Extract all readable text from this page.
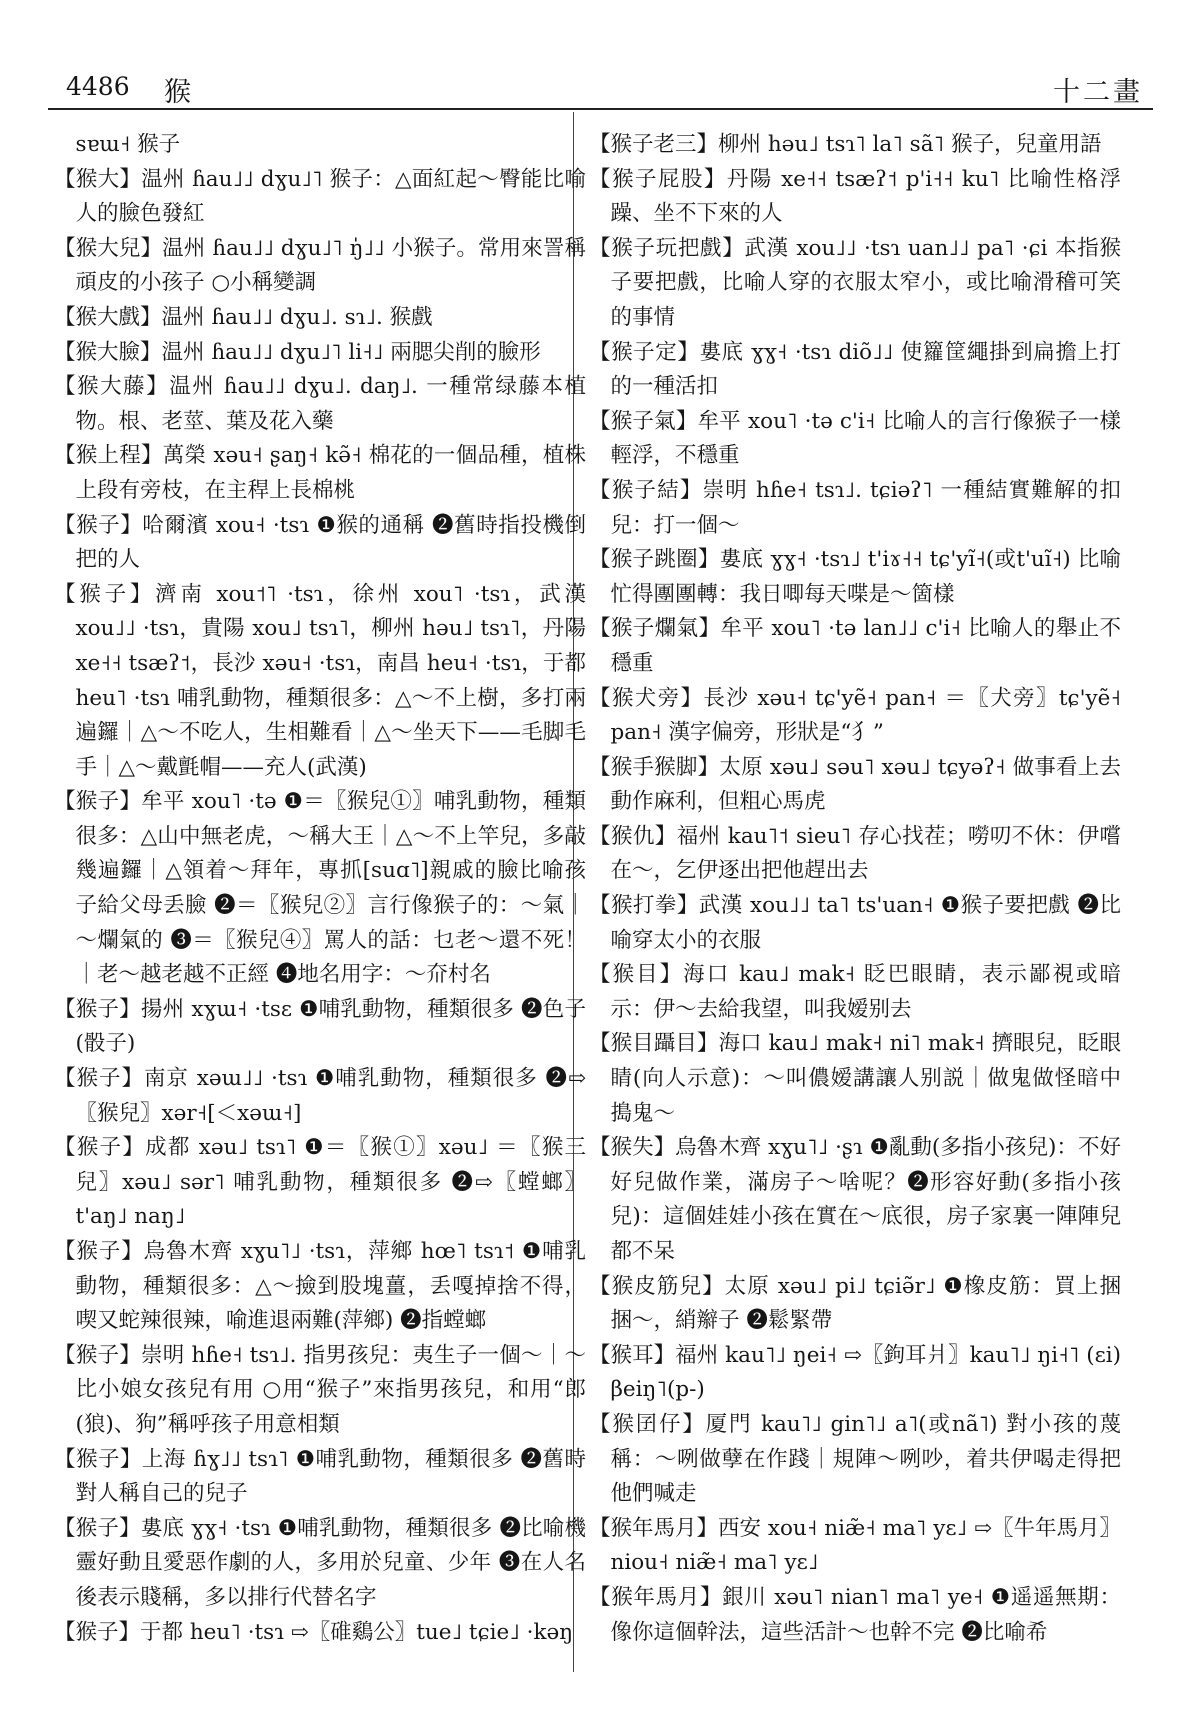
4486 猴	十二畫

sɐɯ˧ 猴子

【猴大】温州 ɦau˩˩ dɣu˩˥ 猴子：△面紅起～臀能比喻人的臉色發紅

【猴大兒】温州 ɦau˩˩ dɣu˩˥ ŋ̍˩˩ 小猴子。常用來詈稱頑皮的小孩子 ○小稱變調

【猴大戲】温州 ɦau˩˩ dɣu˩. sɿ˩. 猴戲

【猴大臉】温州 ɦau˩˩ dɣu˩˥ li˧˩ 兩腮尖削的臉形

【猴大藤】温州 ɦau˩˩ dɣu˩. daŋ˩. 一種常绿藤本植物。根、老莖、葉及花入藥

【猴上程】萬榮 xəu˧ ʂaŋ˧ kə̃˧ 棉花的一個品種，植株上段有旁枝，在主稈上長棉桃

【猴子】哈爾濱 xou˧ ·tsɿ ❶猴的通稱 ❷舊時指投機倒把的人

【猴子】濟南 xou˦˥ ·tsɿ，徐州 xou˥ ·tsɿ，武漢 xou˩˩ ·tsɿ，貴陽 xou˩ tsɿ˥，柳州 həu˩ tsɿ˥，丹陽 xe˧˧ tsæʔ˦，長沙 xəu˧ ·tsɿ，南昌 heu˧ ·tsɿ，于都 heu˥ ·tsɿ 哺乳動物，種類很多：△～不上樹，多打兩遍鑼｜△～不吃人，生相難看｜△～坐天下——毛脚毛手｜△～戴氈帽——充人(武漢)

【猴子】牟平 xou˥ ·tə ❶＝〖猴兒①〗哺乳動物，種類很多：△山中無老虎，～稱大王｜△～不上竿兒，多敲幾遍鑼｜△領着～拜年，專抓[suɑ˥]親戚的臉比喻孩子給父母丢臉 ❷＝〖猴兒②〗言行像猴子的：～氣｜～爛氣的 ❸＝〖猴兒④〗罵人的話：乜老～還不死！｜老～越老越不正經 ❹地名用字：～夼村名

【猴子】揚州 xɣɯ˧ ·tsɛ ❶哺乳動物，種類很多 ❷色子(骰子)

【猴子】南京 xəɯ˩˩ ·tsɿ ❶哺乳動物，種類很多 ❷⇨〖猴兒〗xər˧[＜xəɯ˧]

【猴子】成都 xəu˩ tsɿ˥ ❶＝〖猴①〗xəu˩ ＝〖猴三兒〗xəu˩ sər˥ 哺乳動物，種類很多 ❷⇨〖螳螂〗t'aŋ˩ naŋ˩

【猴子】烏魯木齊 xɣu˥˩ ·tsɿ，萍鄉 hœ˥ tsɿ˦ ❶哺乳動物，種類很多：△～撿到股塊薑，丢嘎掉捨不得，喫又蛇辣很辣，喻進退兩難(萍鄉) ❷指螳螂

【猴子】崇明 hɦe˧ tsɿ˩. 指男孩兒：夷生子一個～｜～比小娘女孩兒有用 ○用“猴子”來指男孩兒，和用“郎(狼)、狗”稱呼孩子用意相類

【猴子】上海 ɦɣ˩˩ tsɿ˥ ❶哺乳動物，種類很多 ❷舊時對人稱自己的兒子

【猴子】婁底 ɣɣ˧ ·tsɿ ❶哺乳動物，種類很多 ❷比喻機靈好動且愛惡作劇的人，多用於兒童、少年 ❸在人名後表示賤稱，多以排行代替名字

【猴子】于都 heu˥ ·tsɿ ⇨〖碓鷄公〗tue˩ tɕie˩ ·kəŋ

【猴子老三】柳州 həu˩ tsɿ˥ la˥ sã˥ 猴子，兒童用語

【猴子屁股】丹陽 xe˧˧ tsæʔ˦ p'i˧˧ ku˥ 比喻性格浮躁、坐不下來的人

【猴子玩把戲】武漢 xou˩˩ ·tsɿ uan˩˩ pa˥ ·ɕi 本指猴子要把戲，比喻人穿的衣服太窄小，或比喻滑稽可笑的事情

【猴子定】婁底 ɣɣ˧ ·tsɿ diõ˩˩ 使籮筐繩掛到扁擔上打的一種活扣

【猴子氣】牟平 xou˥ ·tə c'i˧ 比喻人的言行像猴子一樣輕浮，不穩重

【猴子結】崇明 hɦe˧ tsɿ˩. tɕiəʔ˥ 一種結實難解的扣兒：打一個～

【猴子跳圈】婁底 ɣɣ˧ ·tsɿ˩ t'iɤ˧˧ tɕ'yĩ˧(或t'uĩ˧) 比喻忙得團團轉：我日唧每天喋是～箇樣

【猴子爛氣】牟平 xou˥ ·tə lan˩˩ c'i˧ 比喻人的舉止不穩重

【猴犬旁】長沙 xəu˧ tɕ'yẽ˧ pan˧ ＝〖犬旁〗tɕ'yẽ˧ pan˧ 漢字偏旁，形狀是“犭”

【猴手猴脚】太原 xəu˩ səu˥ xəu˩ tɕyəʔ˧ 做事看上去動作麻利，但粗心馬虎

【猴仇】福州 kau˥˦ sieu˥ 存心找茬；嘮叨不休：伊嚐在～，乞伊逐出把他趕出去

【猴打拳】武漢 xou˩˩ ta˥ ts'uan˧ ❶猴子要把戲 ❷比喻穿太小的衣服

【猴目】海口 kau˩ mak˧ 眨巴眼睛，表示鄙視或暗示：伊～去給我望，叫我嫒别去

【猴目躡目】海口 kau˩ mak˧ ni˥ mak˧ 擠眼兒，眨眼睛(向人示意)：～叫儂嫒講讓人别説｜做鬼做怪暗中搗鬼～

【猴失】烏魯木齊 xɣu˥˩ ·ʂɿ ❶亂動(多指小孩兒)：不好好兒做作業，滿房子～啥呢？❷形容好動(多指小孩兒)：這個娃娃小孩在實在～底很，房子家裏一陣陣兒都不呆

【猴皮筋兒】太原 xəu˩ pi˩ tɕiə̃r˩ ❶橡皮筋：買上捆捆～，綃辮子 ❷鬆緊帶

【猴耳】福州 kau˥˩ ŋei˧ ⇨〖鉤耳爿〗kau˥˩ ŋi˧˥ (ɛi) βeiŋ˥(p-)

【猴囝仔】厦門 kau˥˩ gin˥˩ a˥(或nã˥) 對小孩的蔑稱：～咧做孽在作踐｜規陣～咧吵，着共伊喝走得把他們喊走

【猴年馬月】西安 xou˧ niæ̃˧ ma˥ yɛ˩ ⇨〖牛年馬月〗niou˧ niæ̃˧ ma˥ yɛ˩

【猴年馬月】銀川 xəu˥ nian˥ ma˥ ye˧ ❶遥遥無期：像你這個幹法，這些活計～也幹不完 ❷比喻希
